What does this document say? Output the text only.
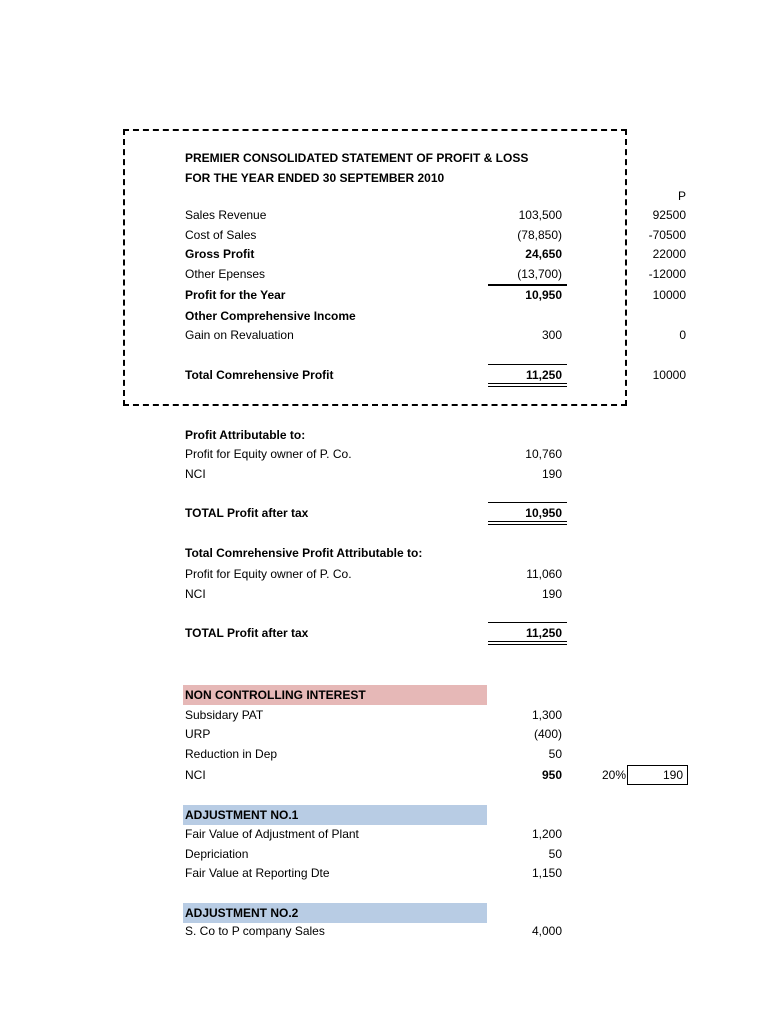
PREMIER CONSOLIDATED STATEMENT OF PROFIT & LOSS
FOR THE YEAR ENDED 30 SEPTEMBER 2010
P
Sales Revenue	103,500	92500
Cost of Sales	(78,850)	-70500
Gross Profit	24,650	22000
Other Epenses	(13,700)	-12000
Profit for the Year	10,950	10000
Other Comprehensive Income
Gain on Revaluation	300	0
Total Comrehensive Profit	11,250	10000
Profit Attributable to:
Profit for Equity owner of P. Co.	10,760
NCI	190
TOTAL Profit after tax	10,950
Total Comrehensive Profit Attributable to:
Profit for Equity owner of P. Co.	11,060
NCI	190
TOTAL Profit after tax	11,250
NON CONTROLLING INTEREST
Subsidary PAT	1,300
URP	(400)
Reduction in Dep	50
NCI	950	20%	190
ADJUSTMENT NO.1
Fair Value of Adjustment of Plant	1,200
Depriciation	50
Fair Value at Reporting Dte	1,150
ADJUSTMENT NO.2
S. Co to P company Sales	4,000
